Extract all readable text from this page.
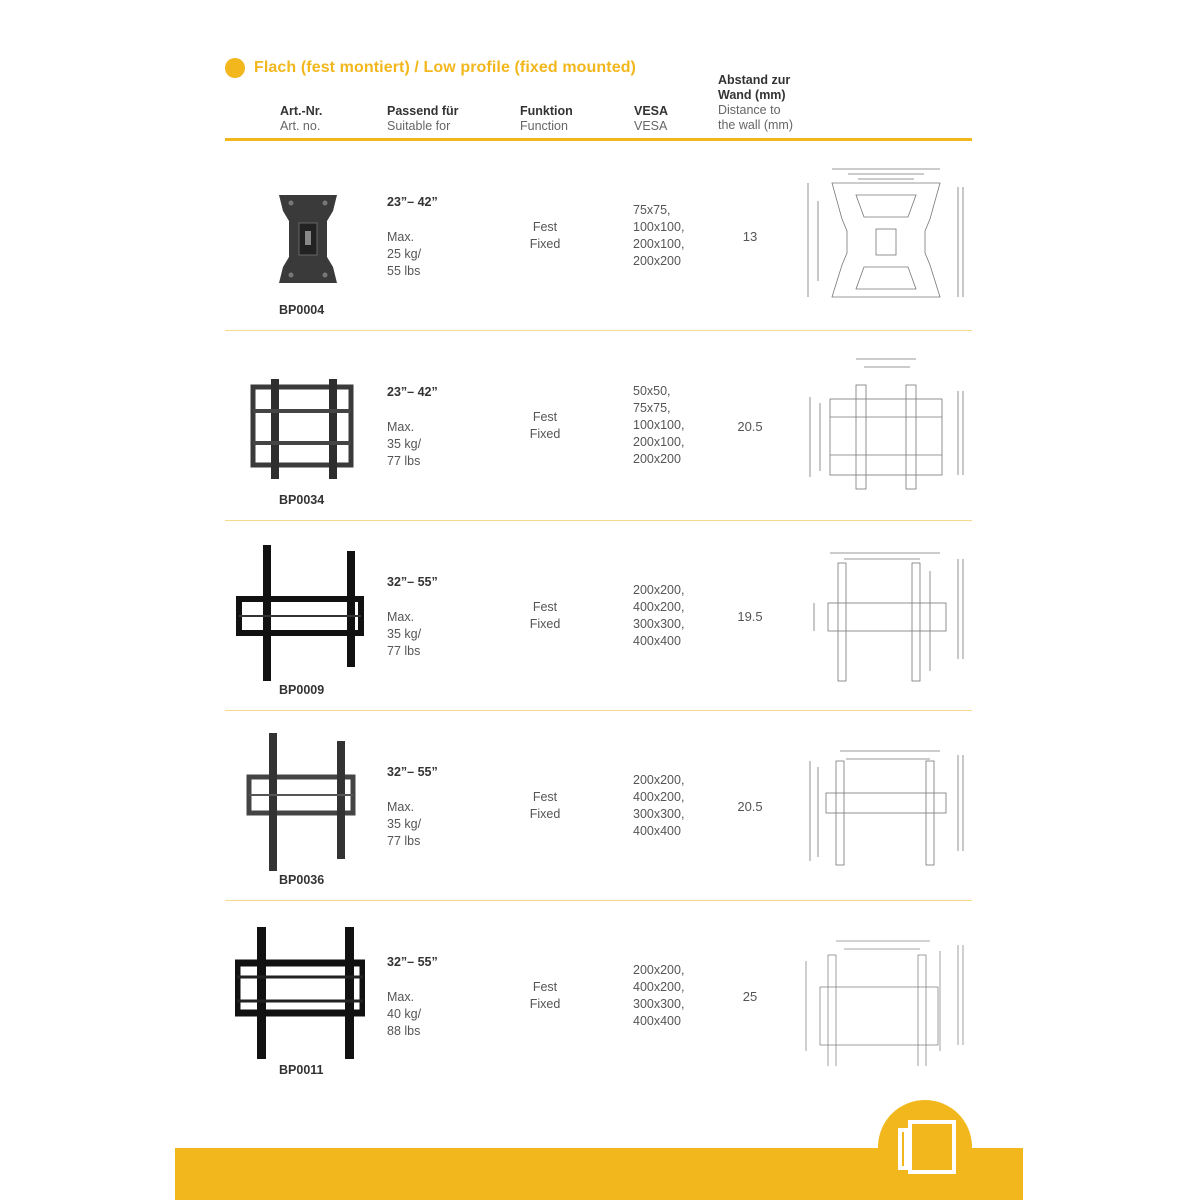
Flach (fest montiert) / Low profile (fixed mounted)
Art.-Nr.
Art. no.
Passend für
Suitable for
Funktion
Function
VESA
VESA
Abstand zur
Wand (mm)
Distance to
the wall (mm)
BP0004
23”– 42”
Max.
25 kg/
55 lbs
Fest
Fixed
75x75,
100x100,
200x100,
200x200
13
BP0034
23”– 42”
Max.
35 kg/
77 lbs
Fest
Fixed
50x50,
75x75,
100x100,
200x100,
200x200
20.5
BP0009
32”– 55”
Max.
35 kg/
77 lbs
Fest
Fixed
200x200,
400x200,
300x300,
400x400
19.5
BP0036
32”– 55”
Max.
35 kg/
77 lbs
Fest
Fixed
200x200,
400x200,
300x300,
400x400
20.5
BP0011
32”– 55”
Max.
40 kg/
88 lbs
Fest
Fixed
200x200,
400x200,
300x300,
400x400
25
